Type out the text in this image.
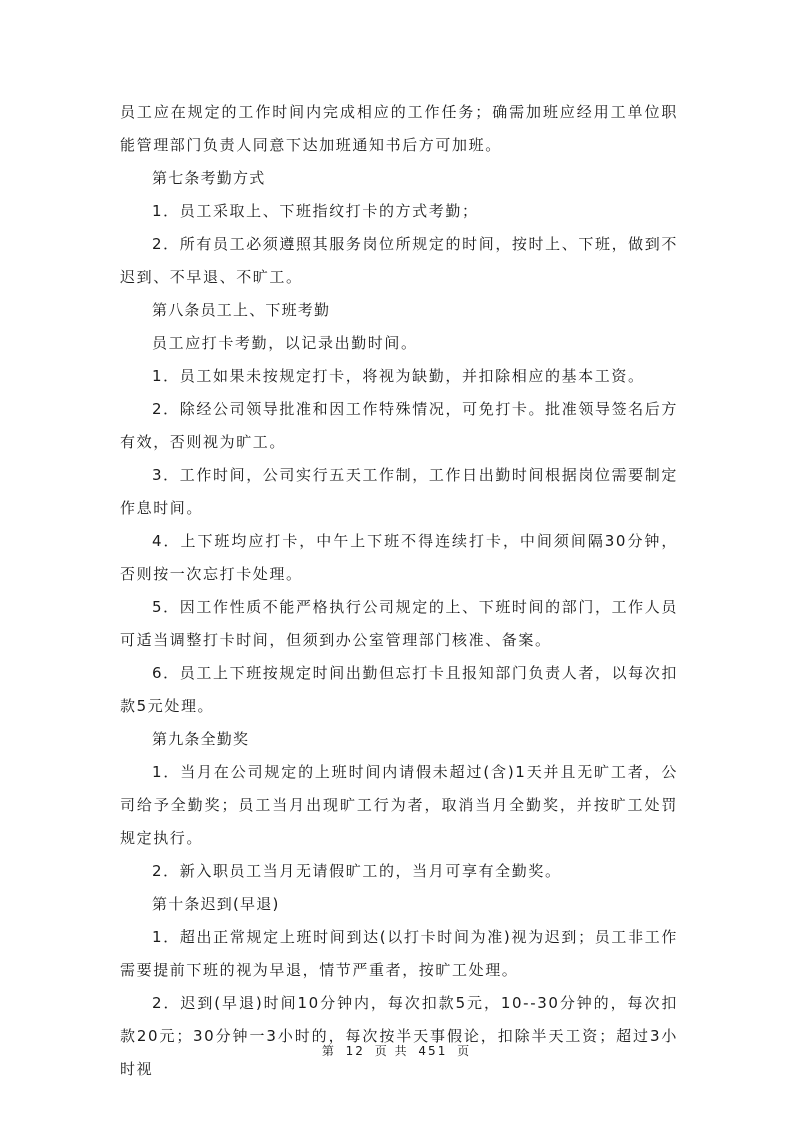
员工应在规定的工作时间内完成相应的工作任务；确需加班应经用工单位职能管理部门负责人同意下达加班通知书后方可加班。

第七条考勤方式

1．员工采取上、下班指纹打卡的方式考勤；

2．所有员工必须遵照其服务岗位所规定的时间，按时上、下班，做到不迟到、不早退、不旷工。

第八条员工上、下班考勤

员工应打卡考勤，以记录出勤时间。

1．员工如果未按规定打卡，将视为缺勤，并扣除相应的基本工资。

2．除经公司领导批准和因工作特殊情况，可免打卡。批准领导签名后方有效，否则视为旷工。

3．工作时间，公司实行五天工作制，工作日出勤时间根据岗位需要制定作息时间。

4．上下班均应打卡，中午上下班不得连续打卡，中间须间隔30分钟，否则按一次忘打卡处理。

5．因工作性质不能严格执行公司规定的上、下班时间的部门，工作人员可适当调整打卡时间，但须到办公室管理部门核准、备案。

6．员工上下班按规定时间出勤但忘打卡且报知部门负责人者，以每次扣款5元处理。

第九条全勤奖

1．当月在公司规定的上班时间内请假未超过(含)1天并且无旷工者，公司给予全勤奖；员工当月出现旷工行为者，取消当月全勤奖，并按旷工处罚规定执行。

2．新入职员工当月无请假旷工的，当月可享有全勤奖。

第十条迟到(早退)

1．超出正常规定上班时间到达(以打卡时间为准)视为迟到；员工非工作需要提前下班的视为早退，情节严重者，按旷工处理。

2．迟到(早退)时间10分钟内，每次扣款5元，10--30分钟的，每次扣款20元；30分钟一3小时的，每次按半天事假论，扣除半天工资；超过3小时视

第 12 页 共 451 页
